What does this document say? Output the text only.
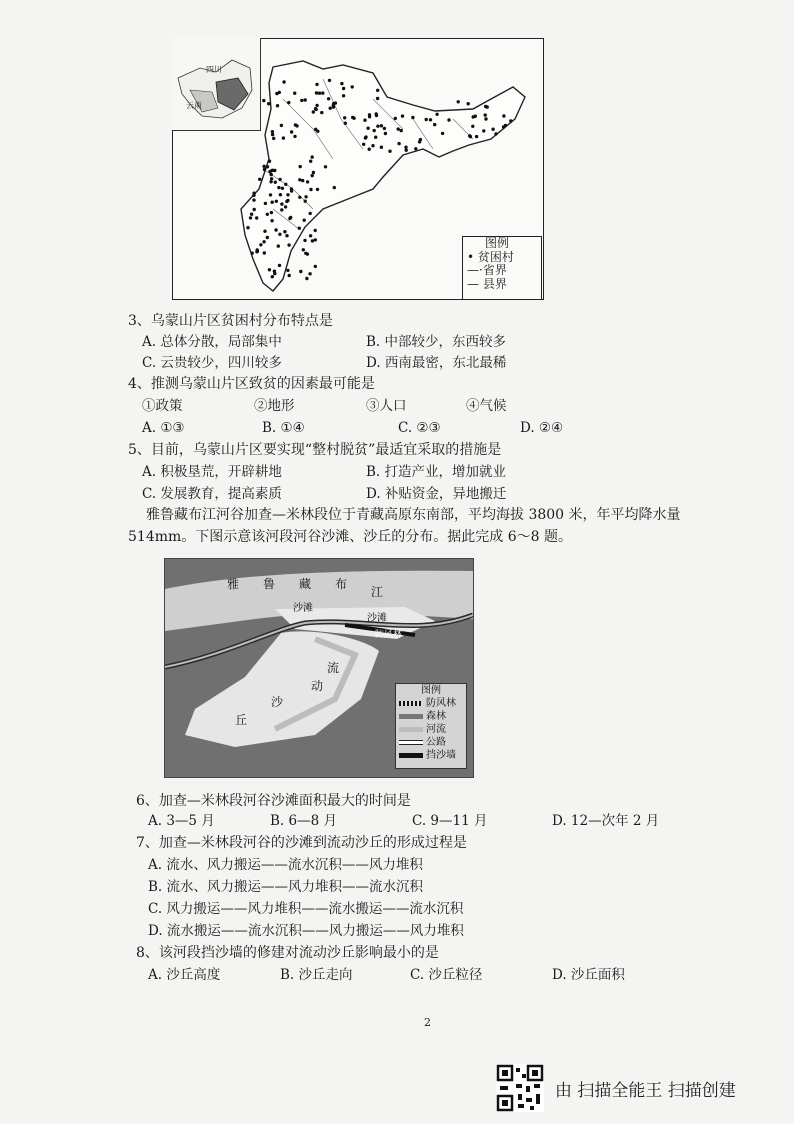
四川
云南
图例
• 贫困村
—·省界
— 县界
3、乌蒙山片区贫困村分布特点是
A. 总体分散，局部集中	B. 中部较少，东西较多
C. 云贵较少，四川较多	D. 西南最密，东北最稀
4、推测乌蒙山片区致贫的因素最可能是
①政策	②地形	③人口	④气候
A. ①③	B. ①④	C. ②③	D. ②④
5、目前，乌蒙山片区要实现“整村脱贫”最适宜采取的措施是
A. 积极垦荒，开辟耕地	B. 打造产业，增加就业
C. 发展教育，提高素质	D. 补贴资金，异地搬迁
雅鲁藏布江河谷加查—米林段位于青藏高原东南部，平均海拔 3800 米，年平均降水量
514mm。下图示意该河段河谷沙滩、沙丘的分布。据此完成 6～8 题。
雅 鲁 藏 布
江
沙滩
沙滩
防风林
流
动
沙
丘
图例
防风林
森林
河流
公路
挡沙墙
6、加查—米林段河谷沙滩面积最大的时间是
A. 3—5 月	B. 6—8 月	C. 9—11 月	D. 12—次年 2 月
7、加查—米林段河谷的沙滩到流动沙丘的形成过程是
A. 流水、风力搬运——流水沉积——风力堆积
B. 流水、风力搬运——风力堆积——流水沉积
C. 风力搬运——风力堆积——流水搬运——流水沉积
D. 流水搬运——流水沉积——风力搬运——风力堆积
8、该河段挡沙墙的修建对流动沙丘影响最小的是
A. 沙丘高度	B. 沙丘走向	C. 沙丘粒径	D. 沙丘面积
2
由 扫描全能王 扫描创建
